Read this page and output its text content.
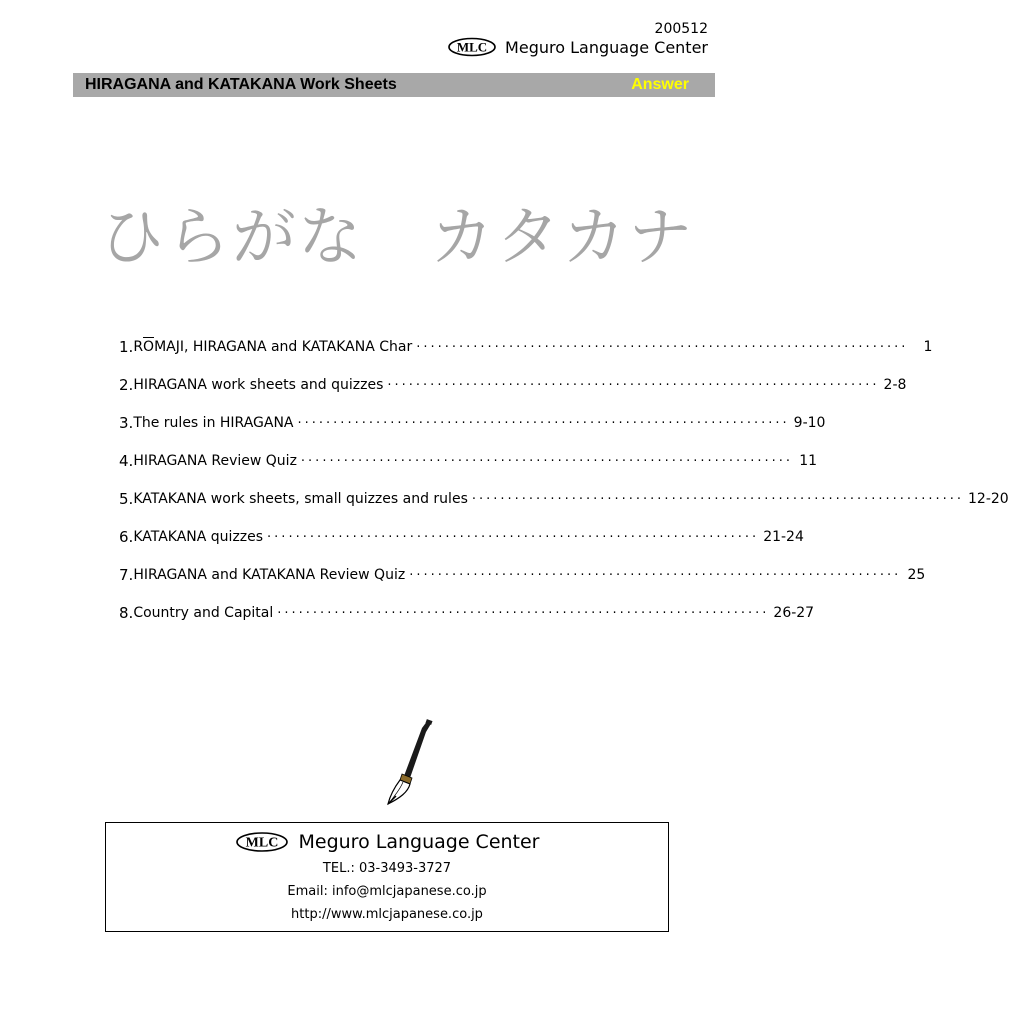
200512
MLC Meguro Language Center
HIRAGANA and KATAKANA Work Sheets	Answer
ひらがな　カタカナ
1. ROMAJI, HIRAGANA and KATAKANA Char ·····································································	1
2. HIRAGANA work sheets and quizzes ····································································· 2-8
3. The rules in HIRAGANA ····································································· 9-10
4. HIRAGANA Review Quiz ····································································· 11
5. KATAKANA work sheets, small quizzes and rules ····································································· 12-20
6. KATAKANA quizzes ····································································· 21-24
7. HIRAGANA and KATAKANA Review Quiz ····································································· 25
8. Country and Capital ····································································· 26-27
MLC Meguro Language Center
TEL.: 03-3493-3727
Email: info@mlcjapanese.co.jp
http://www.mlcjapanese.co.jp
